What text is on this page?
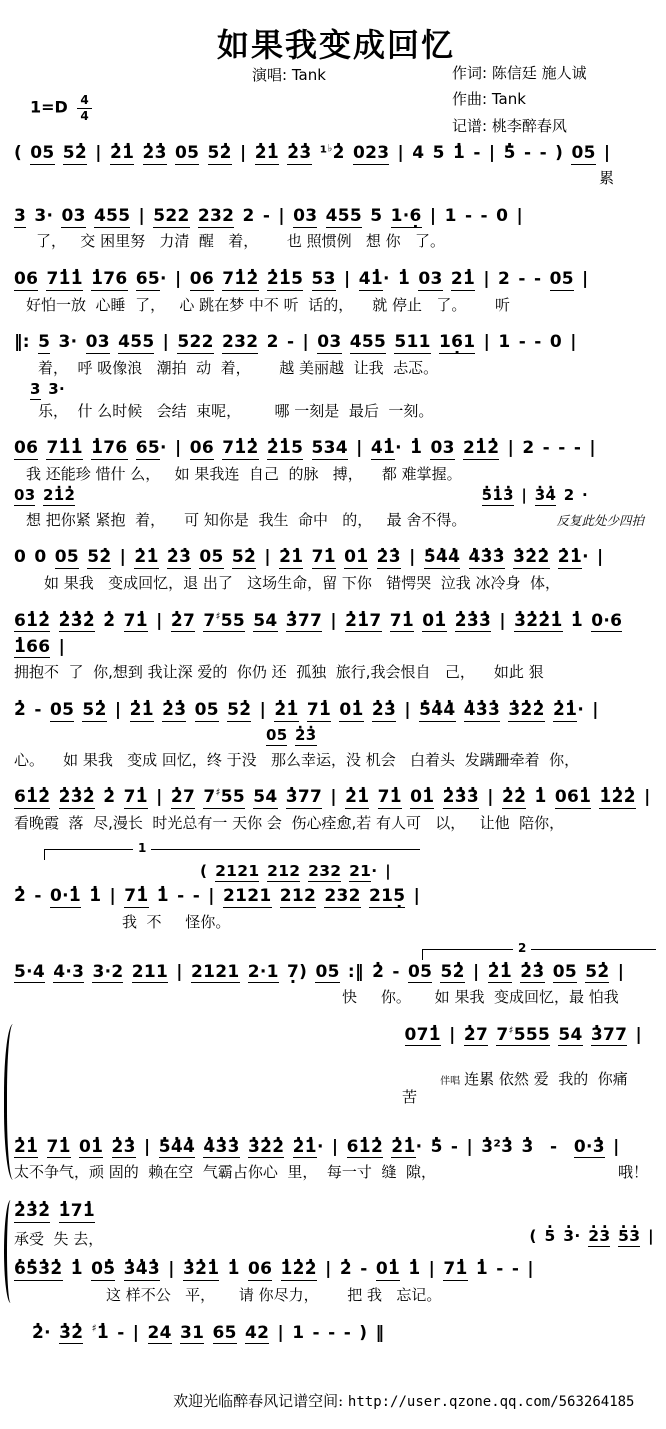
如果我变成回忆
演唱: Tank	作词: 陈信廷 施人诚
作曲: Tank
记谱: 桃李醉春风
$1=D \frac{4}{4}$
( 05 5· 2 | · 2· 1 · 2· 3 05 5· 2 | · 2· 1 · 2· 3 ¹♭· 2 023 | 4 5 · 1 - | · 5 - - ) 05 |
累
3 3· 03 455 | 522 232 2 - | 03 455 5 1·6 · | 1 - - 0 |
了，   交 困里努   力清  醒   着，      也 照惯例   想 你   了。
06 7· 1· 1 · 176 65· | 06 7· 1· 2 · 2· 15 53 | 4· 1· · 1 03 2· 1 | 2 - - 05 |
好怕一放  心睡  了，   心 跳在梦 中不 听  话的，    就 停止   了。      听
‖: 5 3· 03 455 | 522 232 2 - | 03 455 511 16 ·1 | 1 - - 0 |
着，  呼 吸像浪   潮拍  动  着，      越 美丽越  让我  忐忑。
3 3·
乐，  什 么时候   会结  束呢，       哪 一刻是  最后  一刻。
06 7· 1· 1 · 176 65· | 06 7· 1· 2 · 2· 15 534 | 4· 1· · 1 03 2· 1· 2 | 2 - - - |
我 还能珍 惜什 么，   如 果我连  自己  的脉   搏，    都 难掌握。
03 2· 1· 2	· 5· 1· 3 | · 3· 4 2 ·
想 把你紧 紧抱  着，    可 知你是  我生  命中   的，   最 舍不得。	反复此处少四拍
0 0 05 5· 2 | · 2· 1 · 2· 3 05 5· 2 | · 2· 1 7· 1 0· 1 · 2· 3 | · 5· 4· 4 · 4· 3· 3 · 3· 2· 2 · 2· 1· |
如 果我   变成回忆，退 出了   这场生命，留 下你   错愕哭  泣我 冰冷身  体，
6· 1· 2 · 2· 3· 2 · 2 7· 1 | · 27 7♯55 54 · 377 | · 2· 17 7· 1 0· 1 · 2· 3· 3 | · 3· 2· 2· 1 · 1 0·6 · 166 |
拥抱不  了  你,想到 我让深 爱的  你仍 还  孤独  旅行,我会恨自   己，    如此 狠
· 2 - 05 5· 2 | · 2· 1 · 2· 3 05 5· 2 | · 2· 1 7· 1 0· 1 · 2· 3 | · 5· 4· 4 · 4· 3· 3 · 3· 2· 2 · 2· 1· |
05 · 2· 3
心。    如 果我   变成 回忆，终 于没   那么幸运，没 机会   白着头  发蹒跚牵着  你，
6· 1· 2 · 2· 3· 2 · 2 7· 1 | · 27 7♯55 54 · 377 | · 2· 1 7· 1 0· 1 · 2· 3· 3 | · 2· 2 · 1 06· 1 · 1· 2· 2 |
看晚霞  落  尽,漫长  时光总有一 天你 会  伤心痊愈,若 有人可   以，   让他  陪你，
1
( 2121 212 232 21· |
· 2 - 0·· 1 · 1 | 7· 1 · 1 - - | 2121 212 232 215 · |
我  不     怪你。
2
5·4 4·3 3·2 211 | 2121 2·1 7 ·) 05 :‖ · 2 - 05 5· 2 | · 2· 1 · 2· 3 05 5· 2 |
快     你。     如 果我  变成回忆，最 怕我
07· 1 | · 27 7♯555 54 · 377 |

伴唱 连累 依然 爱  我的  你痛 苦

· 2· 1 7· 1 0· 1 · 2· 3 | · 5· 4· 4 · 4· 3· 3 · 3· 2· 2 · 2· 1· | 6· 1· 2 · 2· 1· · 5 - | · 3²· 3 · 3  -  0·· 3 |
太不争气，顽 固的  赖在空  气霸占你心  里，  每一寸  缝  隙，	哦！
· 2· 3· 2 · 17· 1
承受  失 去，	( · 5 · 3· · 2· 3 · 5· 3 |
· 6· 5· 3· 2 · 1 0· 5 · 3· 4· 3 | · 3· 2· 1 · 1 06 · 1· 2· 2 | · 2 - 0· 1 · 1 | 7· 1 · 1 - - |
这 样不公   平，     请 你尽力，      把 我   忘记。
· 2· · 3· 2 ♯· 1 - | 24 31 65 42 | 1 - - - ) ‖

欢迎光临醉春风记谱空间: http://user.qzone.qq.com/563264185
